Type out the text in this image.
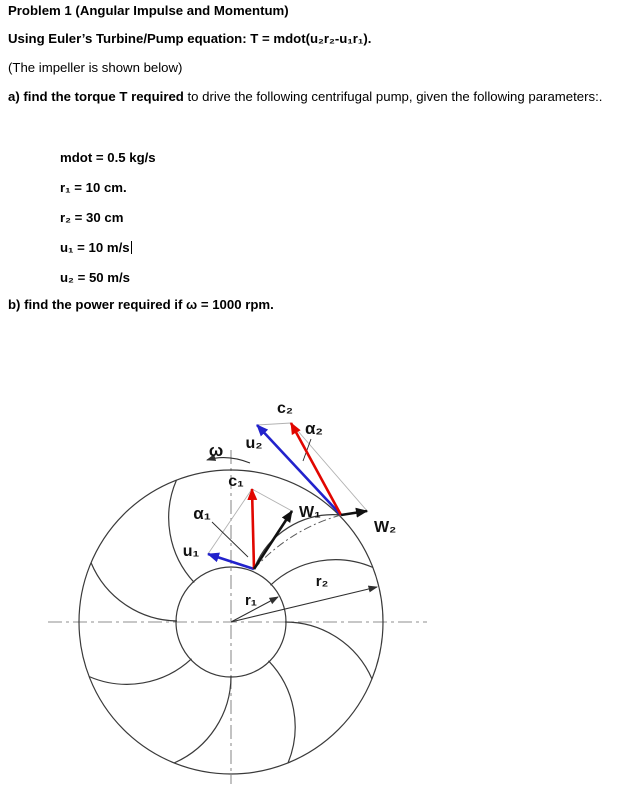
Problem 1 (Angular Impulse and Momentum)
Using Euler’s Turbine/Pump equation: T = mdot(u₂r₂-u₁r₁).
(The impeller is shown below)
a) find the torque T required to drive the following centrifugal pump, given the following parameters:.
mdot = 0.5 kg/s
r₁ = 10 cm.
r₂ = 30 cm
u₁ = 10 m/s
u₂ = 50 m/s
b) find the power required if ω = 1000 rpm.
r₁
r₂
ω
c₁
u₁
W₁
c₂
u₂
W₂
α₁
α₂
